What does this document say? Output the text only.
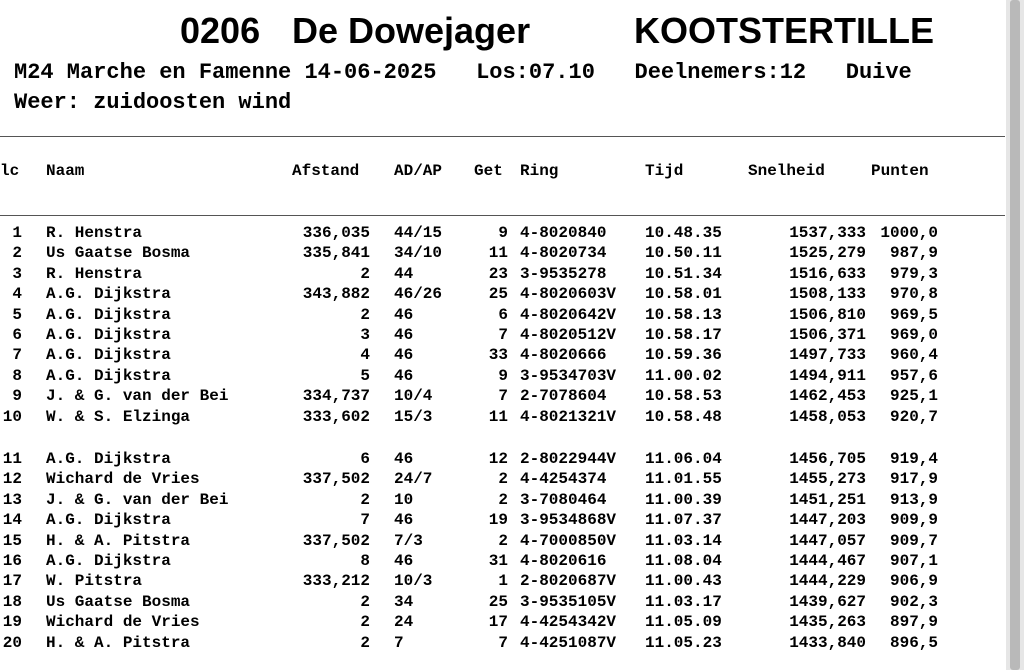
0206 De Dowejager	KOOTSTERTILLE
M24 Marche en Famenne 14-06-2025   Los:07.10   Deelnemers:12   Duive
Weer: zuidoosten wind
lc Naam	Afstand AD/AP Get Ring	Tijd	Snelheid	Punten
1 R. Henstra	336,035 44/15	9 4-8020840 10.48.35	1537,333 1000,0
2 Us Gaatse Bosma	335,841 34/10	11 4-8020734 10.50.11	1525,279 987,9
3 R. Henstra	2 44	23 3-9535278 10.51.34	1516,633 979,3
4 A.G. Dijkstra	343,882 46/26	25 4-8020603V 10.58.01	1508,133 970,8
5 A.G. Dijkstra	2 46	6 4-8020642V 10.58.13	1506,810 969,5
6 A.G. Dijkstra	3 46	7 4-8020512V 10.58.17	1506,371 969,0
7 A.G. Dijkstra	4 46	33 4-8020666 10.59.36	1497,733 960,4
8 A.G. Dijkstra	5 46	9 3-9534703V 11.00.02	1494,911 957,6
9 J. & G. van der Bei	334,737 10/4	7 2-7078604 10.58.53	1462,453 925,1
10 W. & S. Elzinga	333,602 15/3	11 4-8021321V 10.58.48	1458,053 920,7
11 A.G. Dijkstra	6 46	12 2-8022944V 11.06.04	1456,705 919,4
12 Wichard de Vries	337,502 24/7	2 4-4254374 11.01.55	1455,273 917,9
13 J. & G. van der Bei	2 10	2 3-7080464 11.00.39	1451,251 913,9
14 A.G. Dijkstra	7 46	19 3-9534868V 11.07.37	1447,203 909,9
15 H. & A. Pitstra	337,502 7/3	2 4-7000850V 11.03.14	1447,057 909,7
16 A.G. Dijkstra	8 46	31 4-8020616 11.08.04	1444,467 907,1
17 W. Pitstra	333,212 10/3	1 2-8020687V 11.00.43	1444,229 906,9
18 Us Gaatse Bosma	2 34	25 3-9535105V 11.03.17	1439,627 902,3
19 Wichard de Vries	2 24	17 4-4254342V 11.05.09	1435,263 897,9
20 H. & A. Pitstra	2 7	7 4-4251087V 11.05.23	1433,840 896,5
